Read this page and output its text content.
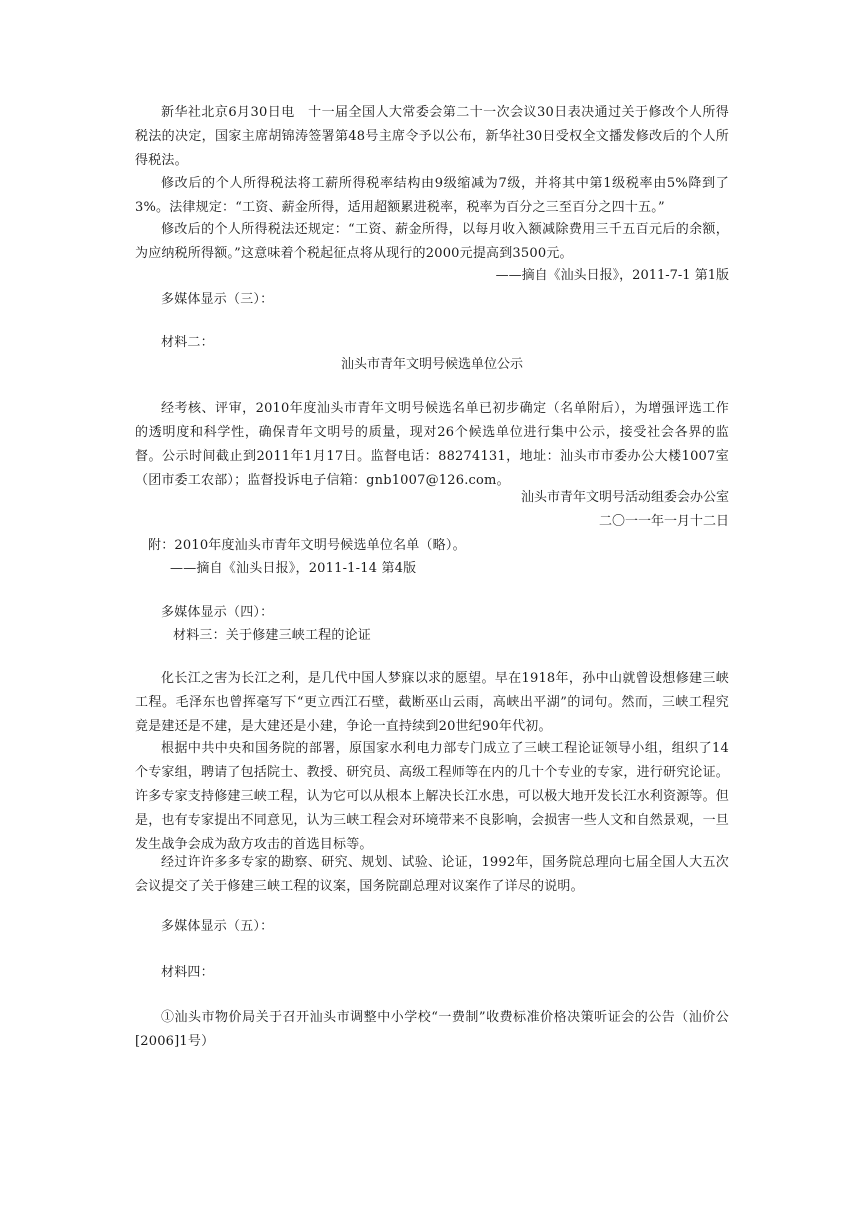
新华社北京6月30日电　十一届全国人大常委会第二十一次会议30日表决通过关于修改个人所得税法的决定，国家主席胡锦涛签署第48号主席令予以公布，新华社30日受权全文播发修改后的个人所得税法。
修改后的个人所得税法将工薪所得税率结构由9级缩减为7级，并将其中第1级税率由5%降到了3%。法律规定：“工资、薪金所得，适用超额累进税率，税率为百分之三至百分之四十五。”
修改后的个人所得税法还规定：“工资、薪金所得，以每月收入额减除费用三千五百元后的余额，为应纳税所得额。”这意味着个税起征点将从现行的2000元提高到3500元。
——摘自《汕头日报》，2011-7-1 第1版
多媒体显示（三）：
材料二：
汕头市青年文明号候选单位公示
经考核、评审，2010年度汕头市青年文明号候选名单已初步确定（名单附后），为增强评选工作的透明度和科学性，确保青年文明号的质量，现对26个候选单位进行集中公示，接受社会各界的监督。公示时间截止到2011年1月17日。监督电话：88274131，地址：汕头市市委办公大楼1007室（团市委工农部）；监督投诉电子信箱：gnb1007@126.com。
汕头市青年文明号活动组委会办公室
二〇一一年一月十二日
附：2010年度汕头市青年文明号候选单位名单（略）。
——摘自《汕头日报》，2011-1-14 第4版
多媒体显示（四）：
材料三：关于修建三峡工程的论证
化长江之害为长江之利，是几代中国人梦寐以求的愿望。早在1918年，孙中山就曾设想修建三峡工程。毛泽东也曾挥毫写下“更立西江石壁，截断巫山云雨，高峡出平湖”的词句。然而，三峡工程究竟是建还是不建，是大建还是小建，争论一直持续到20世纪90年代初。
根据中共中央和国务院的部署，原国家水利电力部专门成立了三峡工程论证领导小组，组织了14个专家组，聘请了包括院士、教授、研究员、高级工程师等在内的几十个专业的专家，进行研究论证。许多专家支持修建三峡工程，认为它可以从根本上解决长江水患，可以极大地开发长江水利资源等。但是，也有专家提出不同意见，认为三峡工程会对环境带来不良影响，会损害一些人文和自然景观，一旦发生战争会成为敌方攻击的首选目标等。
经过许许多多专家的勘察、研究、规划、试验、论证，1992年，国务院总理向七届全国人大五次会议提交了关于修建三峡工程的议案，国务院副总理对议案作了详尽的说明。
多媒体显示（五）：
材料四：
①汕头市物价局关于召开汕头市调整中小学校“一费制”收费标准价格决策听证会的公告（汕价公[2006]1号）
